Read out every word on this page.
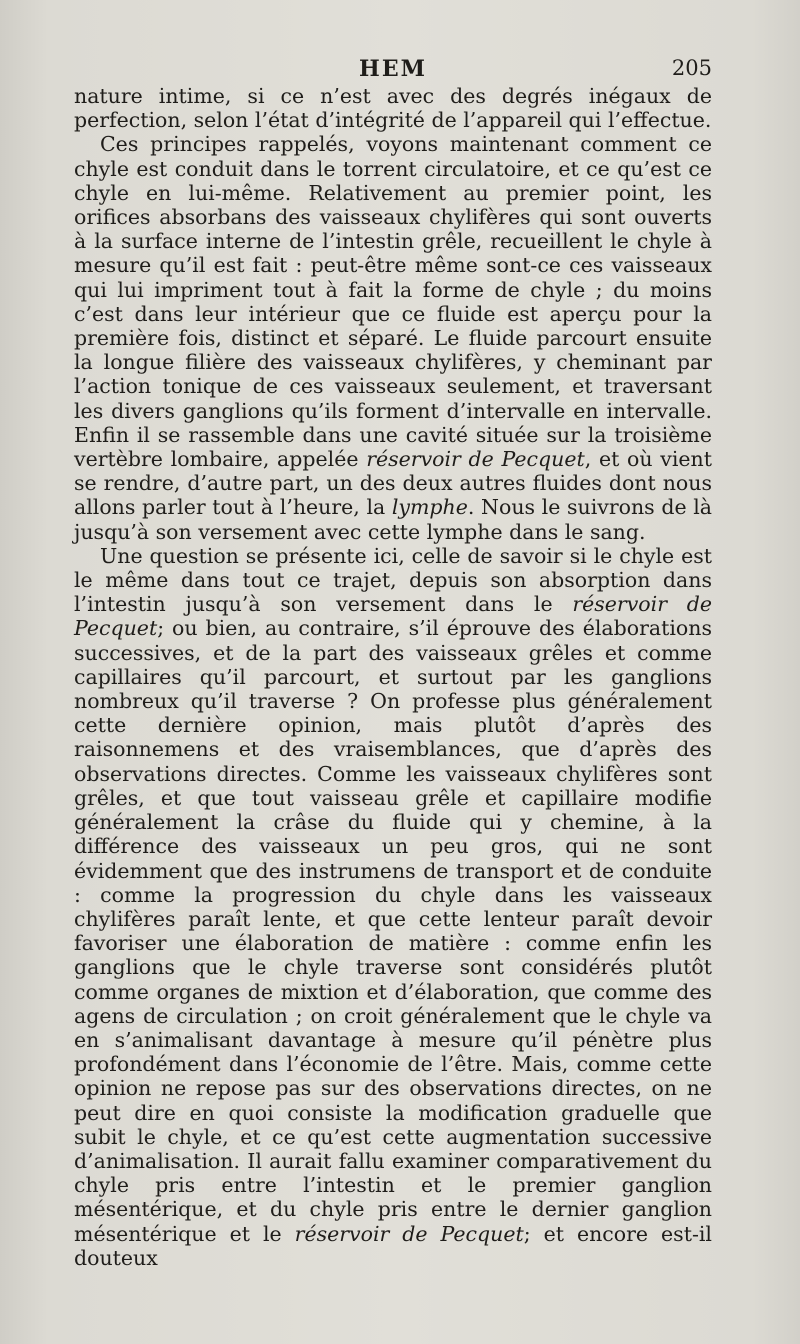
HEM	205

nature intime, si ce n’est avec des degrés inégaux de perfection, selon l’état d’intégrité de l’appareil qui l’effectue.

Ces principes rappelés, voyons maintenant comment ce chyle est conduit dans le torrent circulatoire, et ce qu’est ce chyle en lui-même. Relativement au premier point, les orifices absorbans des vaisseaux chylifères qui sont ouverts à la surface interne de l’intestin grêle, recueillent le chyle à mesure qu’il est fait : peut-être même sont-ce ces vaisseaux qui lui impriment tout à fait la forme de chyle ; du moins c’est dans leur intérieur que ce fluide est aperçu pour la première fois, distinct et séparé. Le fluide parcourt ensuite la longue filière des vaisseaux chylifères, y cheminant par l’action tonique de ces vaisseaux seulement, et traversant les divers ganglions qu’ils forment d’intervalle en intervalle. Enfin il se rassemble dans une cavité située sur la troisième vertèbre lombaire, appelée réservoir de Pecquet, et où vient se rendre, d’autre part, un des deux autres fluides dont nous allons parler tout à l’heure, la lymphe. Nous le suivrons de là jusqu’à son versement avec cette lymphe dans le sang.

Une question se présente ici, celle de savoir si le chyle est le même dans tout ce trajet, depuis son absorption dans l’intestin jusqu’à son versement dans le réservoir de Pecquet; ou bien, au contraire, s’il éprouve des élaborations successives, et de la part des vaisseaux grêles et comme capillaires qu’il parcourt, et surtout par les ganglions nombreux qu’il traverse ? On professe plus généralement cette dernière opinion, mais plutôt d’après des raisonnemens et des vraisemblances, que d’après des observations directes. Comme les vaisseaux chylifères sont grêles, et que tout vaisseau grêle et capillaire modifie généralement la crâse du fluide qui y chemine, à la différence des vaisseaux un peu gros, qui ne sont évidemment que des instrumens de transport et de conduite : comme la progression du chyle dans les vaisseaux chylifères paraît lente, et que cette lenteur paraît devoir favoriser une élaboration de matière : comme enfin les ganglions que le chyle traverse sont considérés plutôt comme organes de mixtion et d’élaboration, que comme des agens de circulation ; on croit généralement que le chyle va en s’animalisant davantage à mesure qu’il pénètre plus profondément dans l’économie de l’être. Mais, comme cette opinion ne repose pas sur des observations directes, on ne peut dire en quoi consiste la modification graduelle que subit le chyle, et ce qu’est cette augmentation successive d’animalisation. Il aurait fallu examiner comparativement du chyle pris entre l’intestin et le premier ganglion mésentérique, et du chyle pris entre le dernier ganglion mésentérique et le réservoir de Pecquet; et encore est-il douteux
